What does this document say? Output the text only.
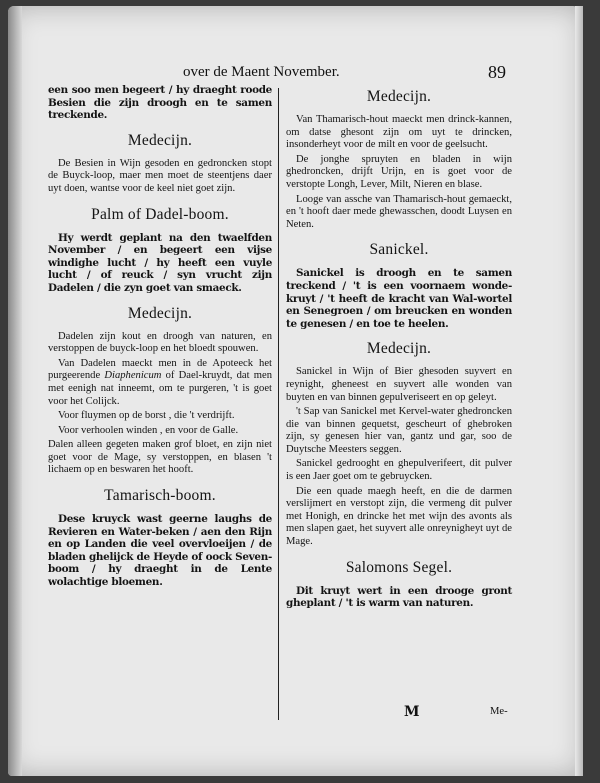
over de Maent November.	89
een soo men begeert / hy draeght roode Besien die zijn droogh en te samen treckende.
Medecijn.
De Besien in Wijn gesoden en gedroncken stopt de Buyck-loop, maer men moet de steentjens daer uyt doen, wantse voor de keel niet goet zijn.
Palm of Dadel-boom.
Hy werdt geplant na den twaelfden November / en begeert een vijse windighe lucht / hy heeft een vuyle lucht / of reuck / syn vrucht zijn Dadelen / die zyn goet van smaeck.
Medecijn.
Dadelen zijn kout en droogh van naturen, en verstoppen de buyck-loop en het bloedt spouwen.
Van Dadelen maeckt men in de Apoteeck het purgeerende Diaphenicum of Dael-kruydt, dat men met eenigh nat inneemt, om te purgeren, 't is goet voor het Colijck.
Voor fluymen op de borst , die 't verdrijft.
Voor verhoolen winden , en voor de Galle.
Dalen alleen gegeten maken grof bloet, en zijn niet goet voor de Mage, sy verstoppen, en blasen 't lichaem op en beswaren het hooft.
Tamarisch-boom.
Dese kruyck wast geerne laughs de Revieren en Water-beken / aen den Rijn en op Landen die veel overvloeijen / de bladen ghelijck de Heyde of oock Seven-boom / hy draeght in de Lente wolachtige bloemen.
Medecijn.
Van Thamarisch-hout maeckt men drinck-kannen, om datse ghesont zijn om uyt te drincken, insonderheyt voor de milt en voor de geelsucht.
De jonghe spruyten en bladen in wijn ghedroncken, drijft Urijn, en is goet voor de verstopte Longh, Lever, Milt, Nieren en blase.
Looge van assche van Thamarisch-hout gemaeckt, en 't hooft daer mede ghewasschen, doodt Luysen en Neten.
Sanickel.
Sanickel is droogh en te samen treckend / 't is een voornaem wonde-kruyt / 't heeft de kracht van Wal-wortel en Senegroen / om breucken en wonden te genesen / en toe te heelen.
Medecijn.
Sanickel in Wijn of Bier ghesoden suyvert en reynight, gheneest en suyvert alle wonden van buyten en van binnen gepulveriseert en op geleyt.
't Sap van Sanickel met Kervel-water ghedroncken die van binnen gequetst, gescheurt of ghebroken zijn, sy genesen hier van, gantz und gar, soo de Duytsche Meesters seggen.
Sanickel gedrooght en ghepulverifeert, dit pulver is een Jaer goet om te gebruycken.
Die een quade maegh heeft, en die de darmen verslijmert en verstopt zijn, die vermeng dit pulver met Honigh, en drincke het met wijn des avonts als men slapen gaet, het suyvert alle onreynigheyt uyt de Mage.
Salomons Segel.
Dit kruyt wert in een drooge gront gheplant / 't is warm van naturen.
M	Me-
